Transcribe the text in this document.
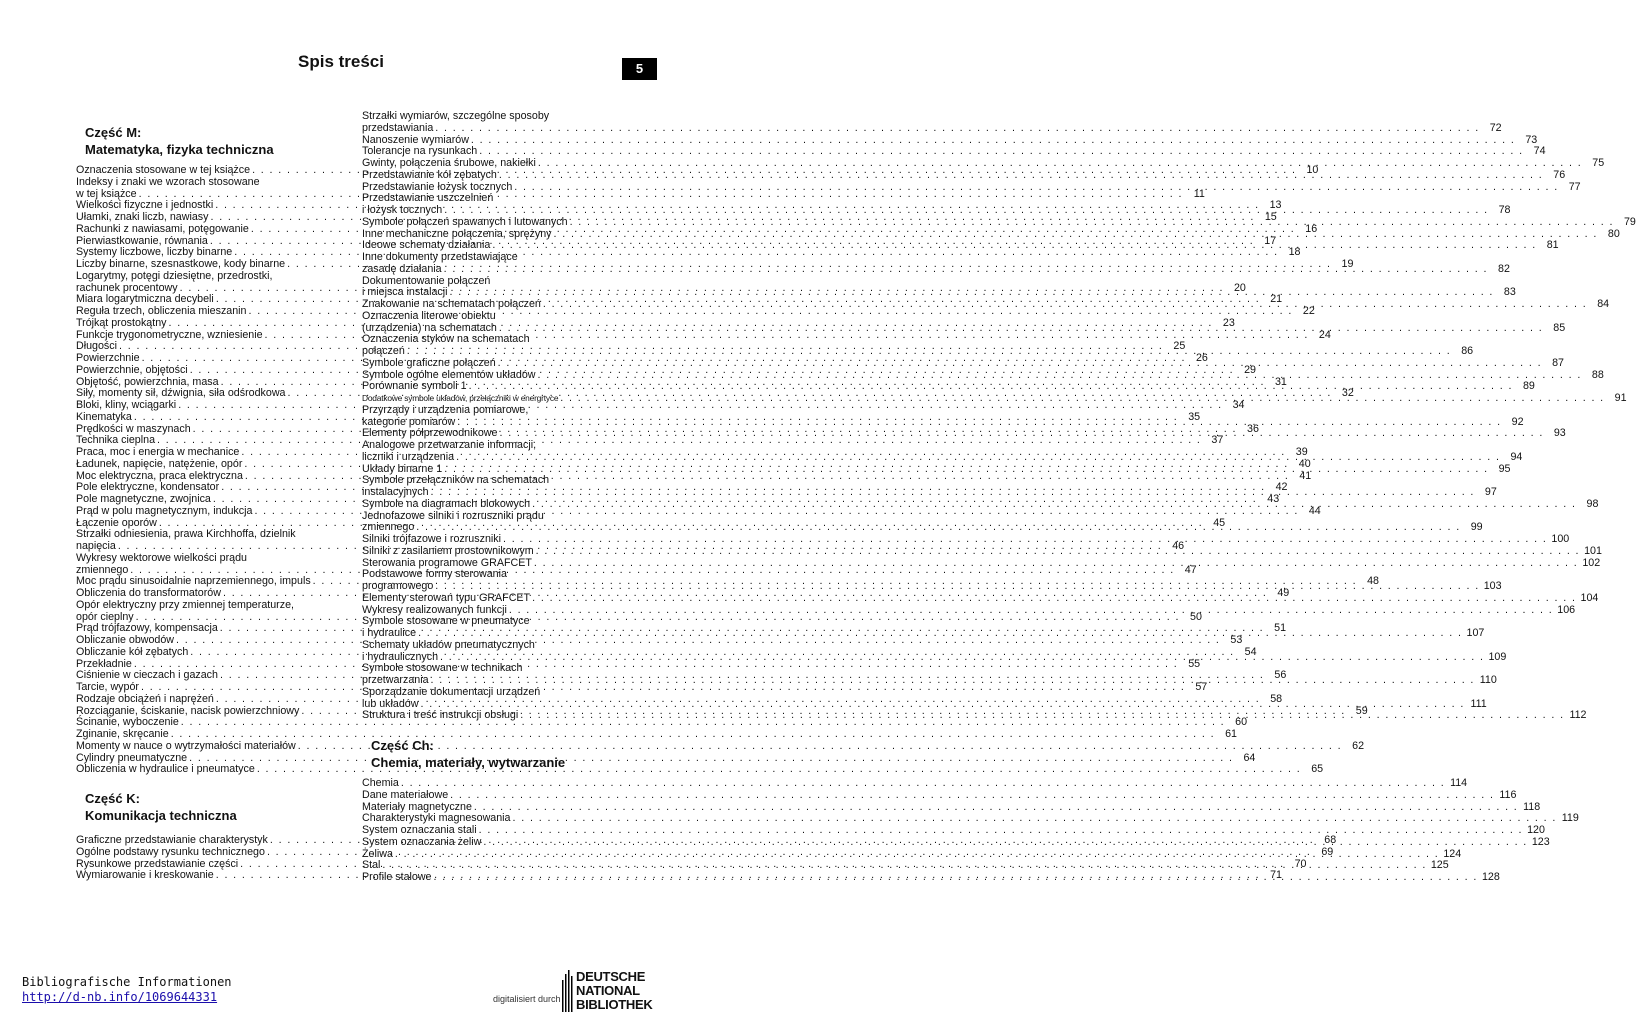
Spis treści	5
Część M:
Matematyka, fizyka techniczna
Oznaczenia stosowane w tej książce . . .	10
Indeksy i znaki we wzorach stosowane
w tej książce . . .	11
Wielkości fizyczne i jednostki . . .	13
Ułamki, znaki liczb, nawiasy . . .	15
Rachunki z nawiasami, potęgowanie . . .	16
Pierwiastkowanie, równania . . .	17
Systemy liczbowe, liczby binarne . . .	18
Liczby binarne, szesnastkowe, kody binarne . . .	19
Logarytmy, potęgi dziesiętne, przedrostki,
rachunek procentowy . . .	20
Miara logarytmiczna decybeli . . .	21
Reguła trzech, obliczenia mieszanin . . .	22
Trójkąt prostokątny . . .	23
Funkcje trygonometryczne, wzniesienie . . .	24
Długości . . .	25
Powierzchnie . . .	26
Powierzchnie, objętości . . .	29
Objętość, powierzchnia, masa . . .	31
Siły, momenty sił, dźwignia, siła odśrodkowa . . .	32
Bloki, kliny, wciągarki . . .	34
Kinematyka . . .	35
Prędkości w maszynach . . .	36
Technika cieplna . . .	37
Praca, moc i energia w mechanice . . .	39
Ładunek, napięcie, natężenie, opór . . .	40
Moc elektryczna, praca elektryczna . . .	41
Pole elektryczne, kondensator . . .	42
Pole magnetyczne, zwojnica . . .	43
Prąd w polu magnetycznym, indukcja . . .	44
Łączenie oporów . . .	45
Strzałki odniesienia, prawa Kirchhoffa, dzielnik
napięcia . . .	46
Wykresy wektorowe wielkości prądu
zmiennego . . .	47
Moc prądu sinusoidalnie naprzemiennego, impuls . . .	48
Obliczenia do transformatorów . . .	49
Opór elektryczny przy zmiennej temperaturze,
opór cieplny . . .	50
Prąd trójfazowy, kompensacja . . .	51
Obliczanie obwodów . . .	53
Obliczanie kół zębatych . . .	54
Przekładnie . . .	55
Ciśnienie w cieczach i gazach . . .	56
Tarcie, wypór . . .	57
Rodzaje obciążeń i naprężeń . . .	58
Rozciąganie, ściskanie, nacisk powierzchniowy . . .	59
Ścinanie, wyboczenie . . .	60
Zginanie, skręcanie . . .	61
Momenty w nauce o wytrzymałości materiałów . . .	62
Cylindry pneumatyczne . . .	64
Obliczenia w hydraulice i pneumatyce . . .	65
Część K:
Komunikacja techniczna
Graficzne przedstawianie charakterystyk . . .	68
Ogólne podstawy rysunku technicznego . . .	69
Rysunkowe przedstawianie części . . .	70
Wymiarowanie i kreskowanie . . .	71
Strzałki wymiarów, szczególne sposoby
przedstawiania . . .	72
Nanoszenie wymiarów . . .	73
Tolerancje na rysunkach . . .	74
Gwinty, połączenia śrubowe, nakiełki . . .	75
Przedstawianie kół zębatych . . .	76
Przedstawianie łożysk tocznych . . .	77
Przedstawianie uszczelnień
i łożysk tocznych . . .	78
Symbole połączeń spawanych i lutowanych . . .	79
Inne mechaniczne połączenia, sprężyny . . .	80
Ideowe schematy działania . . .	81
Inne dokumenty przedstawiające
zasadę działania . . .	82
Dokumentowanie połączeń
i miejsca instalacji . . .	83
Znakowanie na schematach połączeń . . .	84
Oznaczenia literowe obiektu
(urządzenia) na schematach . . .	85
Oznaczenia styków na schematach
połączeń . . .	86
Symbole graficzne połączeń . . .	87
Symbole ogólne elementów układów . . .	88
Porównanie symboli 1 . . .	89
Dodatkowe symbole układów, przełączniki w energrtyce . . .	91
Przyrządy i urządzenia pomiarowe,
kategorie pomiarów . . .	92
Elementy półprzewodnikowe . . .	93
Analogowe przetwarzanie informacji,
liczniki i urządzenia . . .	94
Układy binarne 1 . . .	95
Symbole przełączników na schematach
instalacyjnych . . .	97
Symbole na diagramach blokowych . . .	98
Jednofazowe silniki i rozruszniki prądu
zmiennego . . .	99
Silniki trójfazowe i rozruszniki . . .	100
Silniki z zasilaniem prostownikowym . . .	101
Sterowania programowe GRAFCET . . .	102
Podstawowe formy sterowania
programowego . . .	103
Elementy sterowań typu GRAFCET . . .	104
Wykresy realizowanych funkcji . . .	106
Symbole stosowane w pneumatyce
i hydraulice . . .	107
Schematy układów pneumatycznych
i hydraulicznych . . .	109
Symbole stosowane w technikach
przetwarzania . . .	110
Sporządzanie dokumentacji urządzeń
lub układów . . .	111
Struktura i treść instrukcji obsługi . . .	112
Część Ch:
Chemia, materiały, wytwarzanie
Chemia . . .	114
Dane materiałowe . . .	116
Materiały magnetyczne . . .	118
Charakterystyki magnesowania . . .	119
System oznaczania stali . . .	120
System oznaczania żeliw . . .	123
Żeliwa . . .	124
Stal . . .	125
Profile stalowe . . .	128
Bibliografische Informationen
http://d-nb.info/1069644331	digitalisiert durch
DEUTSCHE
NATIONAL
BIBLIOTHEK
